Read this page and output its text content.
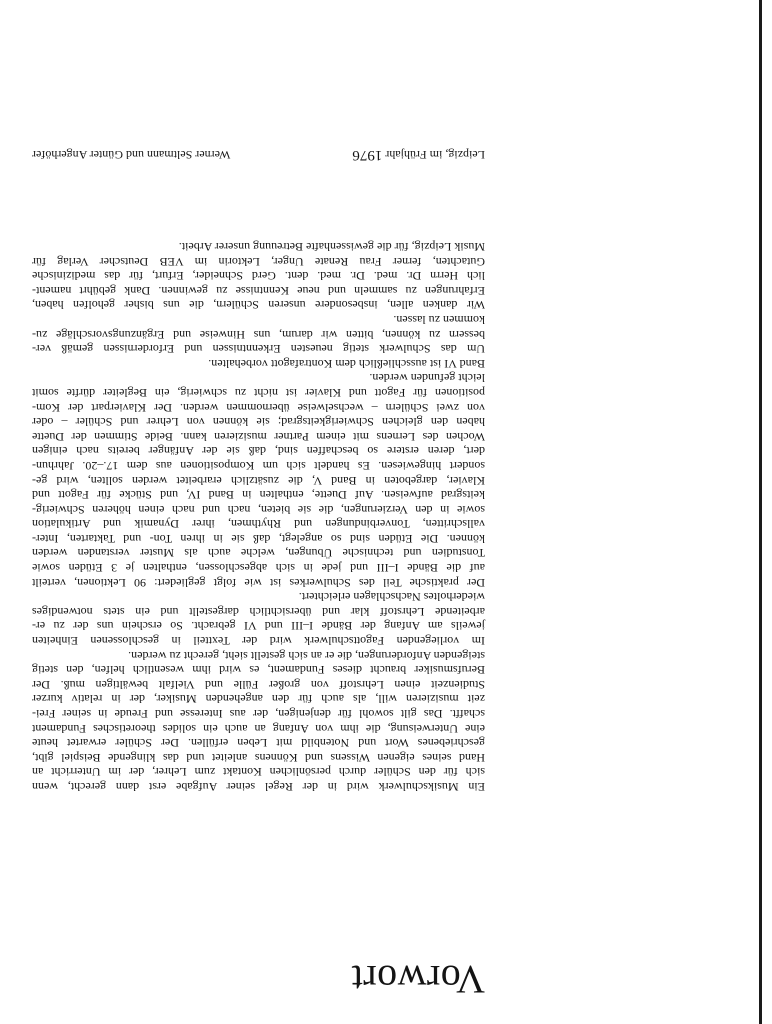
Vorwort
Ein Musikschulwerk wird in der Regel seiner Aufgabe erst dann gerecht, wenn
sich für den Schüler durch persönlichen Kontakt zum Lehrer, der im Unterricht an
Hand seines eigenen Wissens und Könnens anleitet und das klingende Beispiel gibt,
geschriebenes Wort und Notenbild mit Leben erfüllen. Der Schüler erwartet heute
eine Unterweisung, die ihm von Anfang an auch ein solides theoretisches Fundament
schafft. Das gilt sowohl für denjenigen, der aus Interesse und Freude in seiner Frei-
zeit musizieren will, als auch für den angehenden Musiker, der in relativ kurzer
Studienzeit einen Lehrstoff von großer Fülle und Vielfalt bewältigen muß. Der
Berufsmusiker braucht dieses Fundament, es wird ihm wesentlich helfen, den stetig
steigenden Anforderungen, die er an sich gestellt sieht, gerecht zu werden.
Im vorliegenden Fagottschulwerk wird der Textteil in geschlossenen Einheiten
jeweils am Anfang der Bände I–III und VI gebracht. So erschein uns der zu er-
arbeitende Lehrstoff klar und übersichtlich dargestellt und ein stets notwendiges
wiederholtes Nachschlagen erleichtert.
Der praktische Teil des Schulwerkes ist wie folgt gegliedert: 90 Lektionen, verteilt
auf die Bände I–III und jede in sich abgeschlossen, enthalten je 3 Etüden sowie
Tonstudien und technische Übungen, welche auch als Muster verstanden werden
können. Die Etüden sind so angelegt, daß sie in ihren Ton- und Taktarten, Inter-
vallschritten, Tonverbindungen und Rhythmen, ihrer Dynamik und Artikulation
sowie in den Verzierungen, die sie bieten, nach und nach einen höheren Schwierig-
keitsgrad aufweisen. Auf Duette, enthalten in Band IV, und Stücke für Fagott und
Klavier, dargeboten in Band V, die zusätzlich erarbeitet werden sollten, wird ge-
sondert hingewiesen. Es handelt sich um Kompositionen aus dem 17.–20. Jahrhun-
dert, deren erstere so beschaffen sind, daß sie der Anfänger bereits nach einigen
Wochen des Lernens mit einem Partner musizieren kann. Beide Stimmen der Duette
haben den gleichen Schwierigkeitsgrad; sie können von Lehrer und Schüler – oder
von zwei Schülern – wechselweise übernommen werden. Der Klavierpart der Kom-
positionen für Fagott und Klavier ist nicht zu schwierig, ein Begleiter dürfte somit
leicht gefunden werden.
Band VI ist ausschließlich dem Kontrafagott vorbehalten.
Um das Schulwerk stetig neuesten Erkenntnissen und Erfordernissen gemäß ver-
bessern zu können, bitten wir darum, uns Hinweise und Ergänzungsvorschläge zu-
kommen zu lassen.
Wir danken allen, insbesondere unseren Schülern, die uns bisher geholfen haben,
Erfahrungen zu sammeln und neue Kenntnisse zu gewinnen. Dank gebührt nament-
lich Herrn Dr. med. Dr. med. dent. Gerd Schneider, Erfurt, für das medizinische
Gutachten, ferner Frau Renate Unger, Lektorin im VEB Deutscher Verlag für
Musik Leipzig, für die gewissenhafte Betreuung unserer Arbeit.
Leipzig, im Frühjahr 1976
Werner Seltmann und Günter Angerhöfer
